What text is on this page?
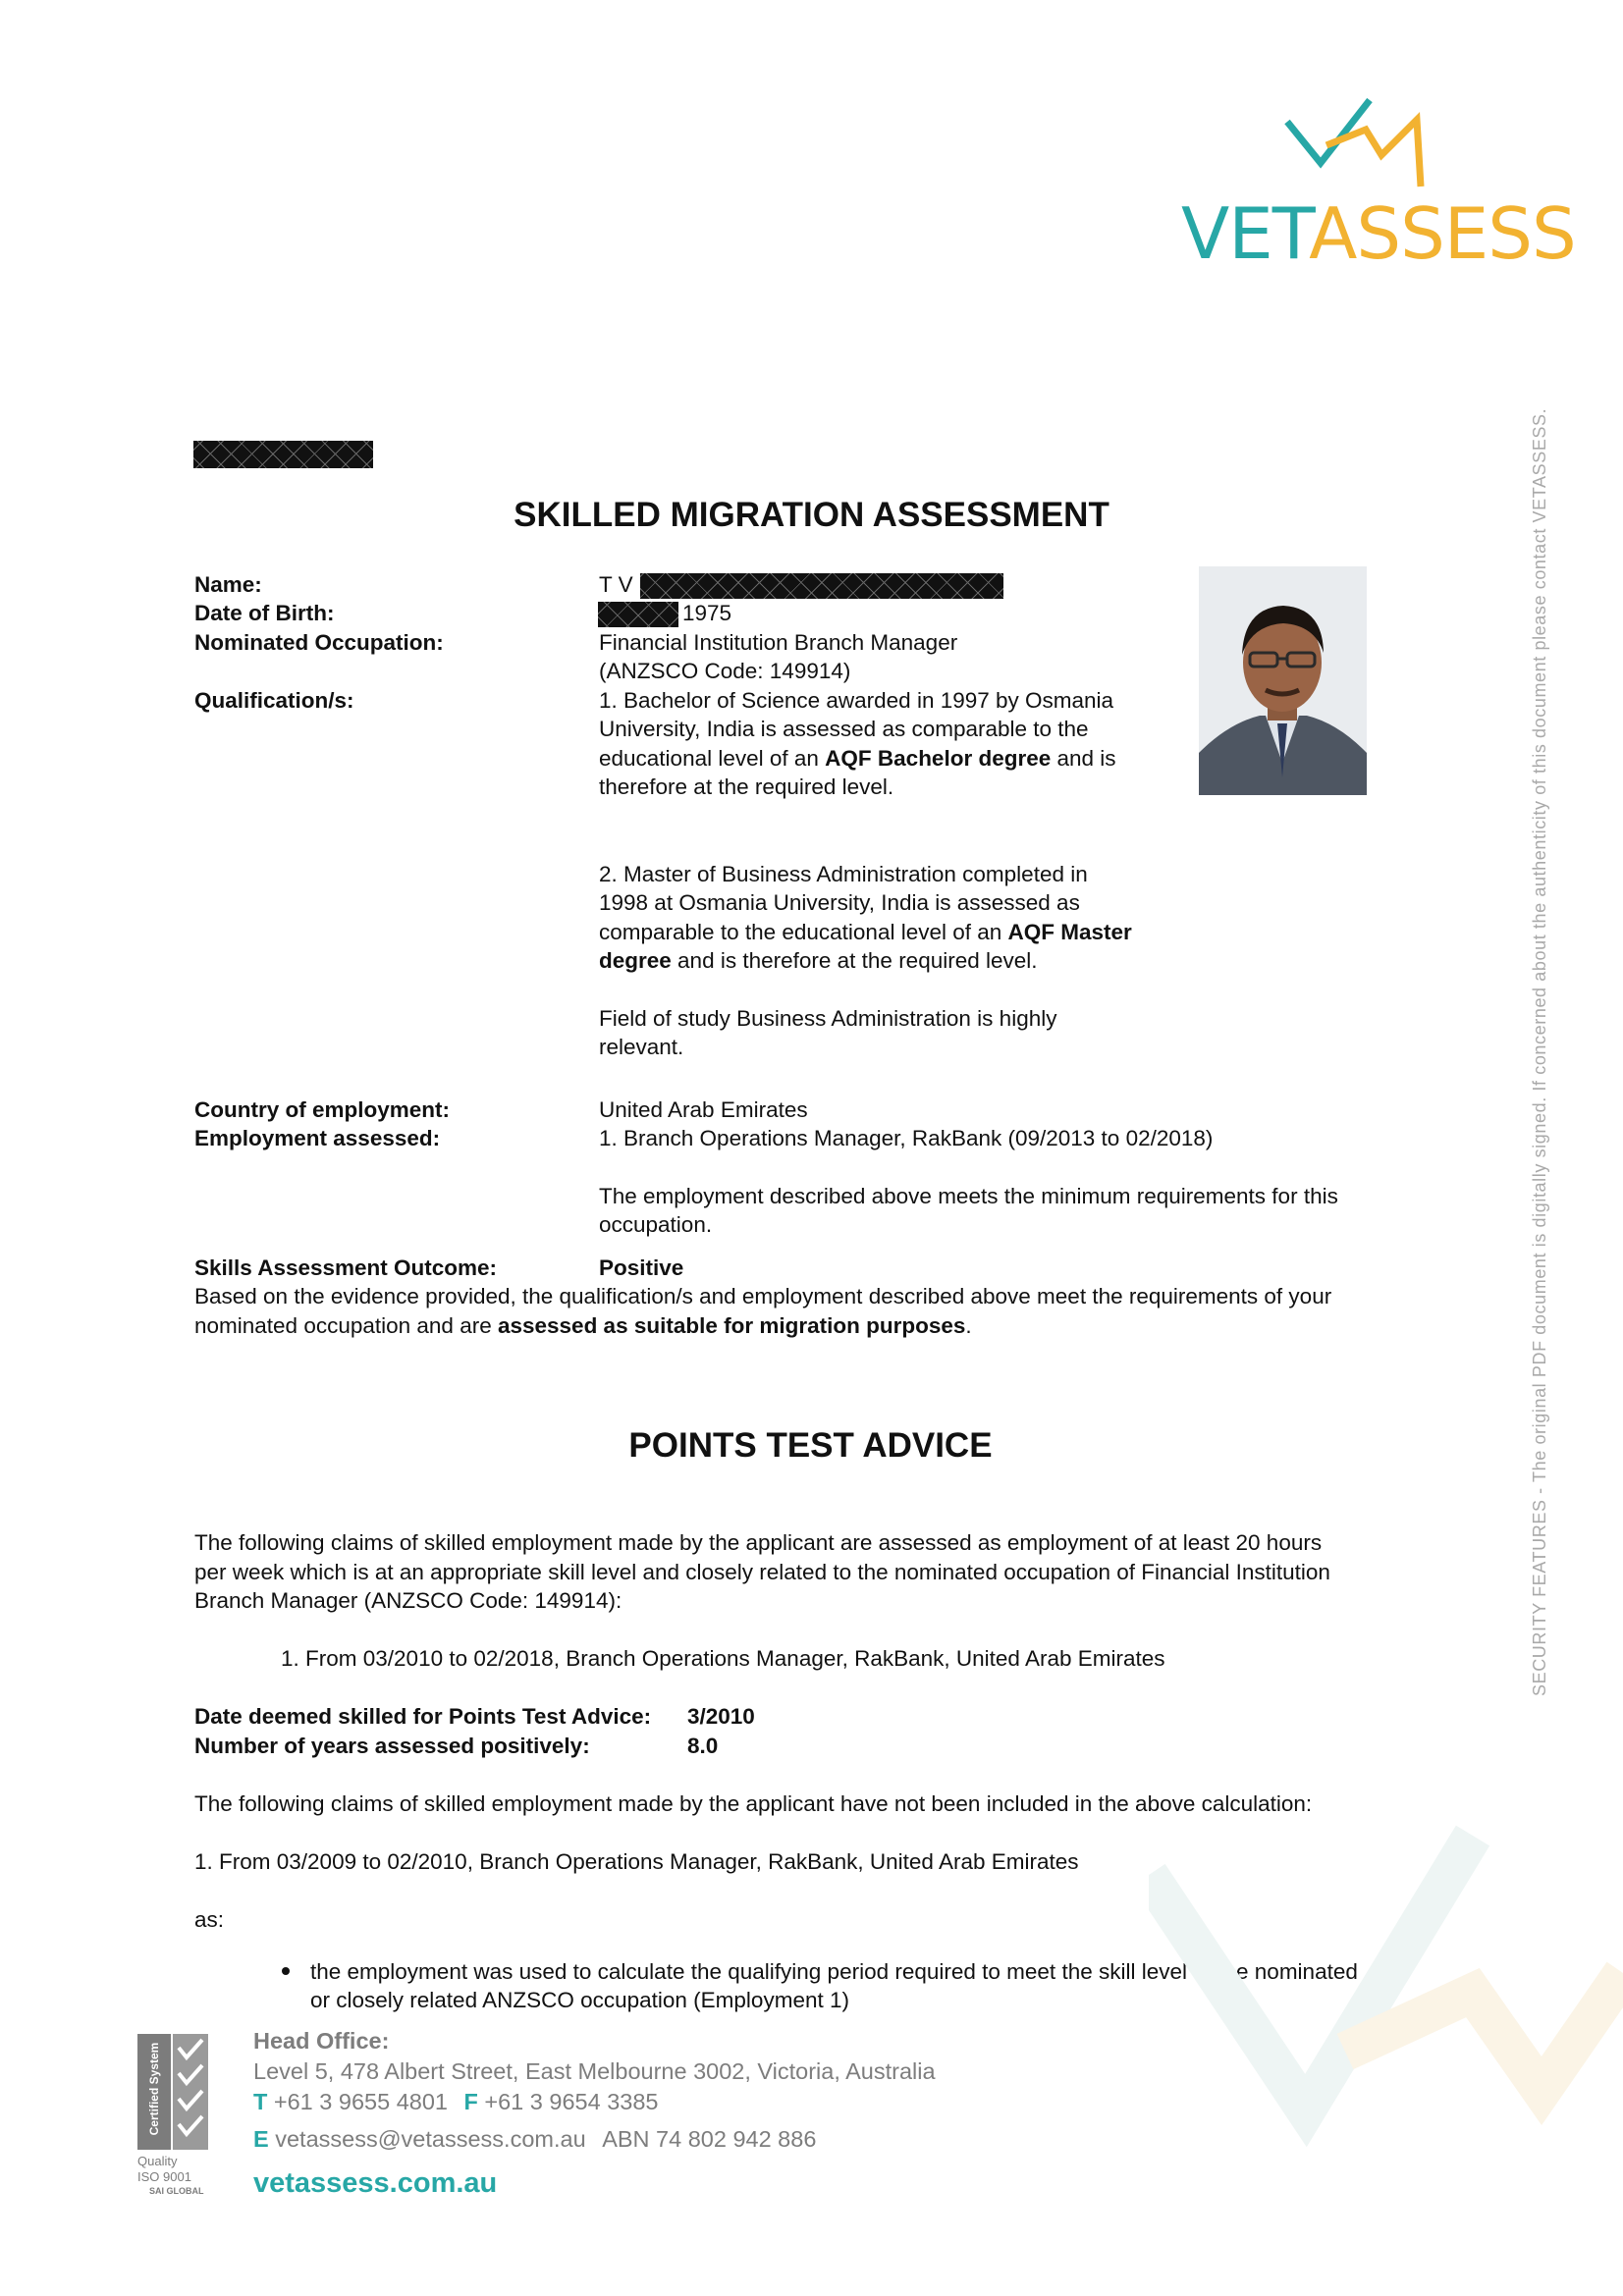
VETASSESS
SKILLED MIGRATION ASSESSMENT
Name:	T V
Date of Birth:	1975
Nominated Occupation:	Financial Institution Branch Manager
(ANZSCO Code: 149914)
Qualification/s:	1. Bachelor of Science awarded in 1997 by Osmania
University, India is assessed as comparable to the
educational level of an AQF Bachelor degree and is
therefore at the required level.
2. Master of Business Administration completed in
1998 at Osmania University, India is assessed as
comparable to the educational level of an AQF Master
degree and is therefore at the required level.
Field of study Business Administration is highly
relevant.
Country of employment:	United Arab Emirates
Employment assessed:	1. Branch Operations Manager, RakBank (09/2013 to 02/2018)
The employment described above meets the minimum requirements for this
occupation.
Skills Assessment Outcome:	Positive
Based on the evidence provided, the qualification/s and employment described above meet the requirements of your
nominated occupation and are assessed as suitable for migration purposes.
POINTS TEST ADVICE
The following claims of skilled employment made by the applicant are assessed as employment of at least 20 hours
per week which is at an appropriate skill level and closely related to the nominated occupation of Financial Institution
Branch Manager (ANZSCO Code: 149914):
1. From 03/2010 to 02/2018, Branch Operations Manager, RakBank, United Arab Emirates
Date deemed skilled for Points Test Advice: 3/2010
Number of years assessed positively:	8.0
The following claims of skilled employment made by the applicant have not been included in the above calculation:
1. From 03/2009 to 02/2010, Branch Operations Manager, RakBank, United Arab Emirates
as:
the employment was used to calculate the qualifying period required to meet the skill level of the nominated
or closely related ANZSCO occupation (Employment 1)
SECURITY FEATURES - The original PDF document is digitally signed. If concerned about the authenticity of this document please contact VETASSESS.
Certified System
Quality
ISO 9001
SAI GLOBAL
Head Office:
Level 5, 478 Albert Street, East Melbourne 3002, Victoria, Australia
T +61 3 9655 4801 F +61 3 9654 3385
E vetassess@vetassess.com.au ABN 74 802 942 886
vetassess.com.au
